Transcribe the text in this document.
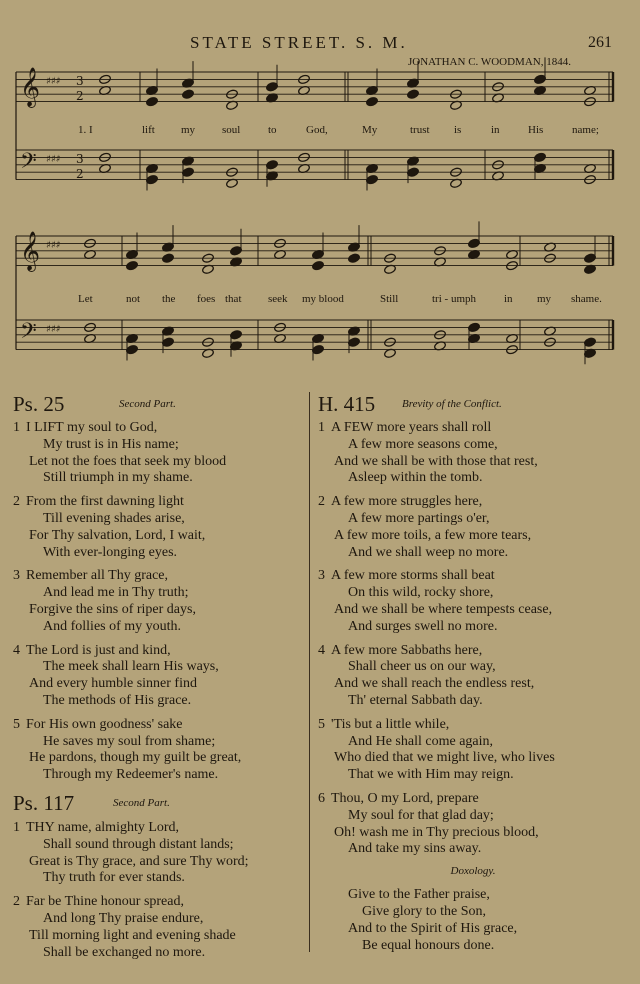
STATE STREET. S. M.	261
JONATHAN C. WOODMAN, 1844.
𝄞 ♯♯♯ 3
2
𝄢 ♯♯♯ 3
2
𝄞 ♯♯♯
𝄢 ♯♯♯
1. I	lift my soul	to	God,	My	trust is	in	His	name;
Let	not the foes that seek my blood	Still	tri - umph	in my shame.
Ps. 25	Second Part.
1 I LIFT my soul to God,
My trust is in His name;
Let not the foes that seek my blood
Still triumph in my shame.
2 From the first dawning light
Till evening shades arise,
For Thy salvation, Lord, I wait,
With ever-longing eyes.
3 Remember all Thy grace,
And lead me in Thy truth;
Forgive the sins of riper days,
And follies of my youth.
4 The Lord is just and kind,
The meek shall learn His ways,
And every humble sinner find
The methods of His grace.
5 For His own goodness' sake
He saves my soul from shame;
He pardons, though my guilt be great,
Through my Redeemer's name.
Ps. 117	Second Part.
1 THY name, almighty Lord,
Shall sound through distant lands;
Great is Thy grace, and sure Thy word;
Thy truth for ever stands.
2 Far be Thine honour spread,
And long Thy praise endure,
Till morning light and evening shade
Shall be exchanged no more.
H. 415 Brevity of the Conflict.
1 A FEW more years shall roll
A few more seasons come,
And we shall be with those that rest,
Asleep within the tomb.
2 A few more struggles here,
A few more partings o'er,
A few more toils, a few more tears,
And we shall weep no more.
3 A few more storms shall beat
On this wild, rocky shore,
And we shall be where tempests cease,
And surges swell no more.
4 A few more Sabbaths here,
Shall cheer us on our way,
And we shall reach the endless rest,
Th' eternal Sabbath day.
5 'Tis but a little while,
And He shall come again,
Who died that we might live, who lives
That we with Him may reign.
6 Thou, O my Lord, prepare
My soul for that glad day;
Oh! wash me in Thy precious blood,
And take my sins away.
Doxology.
Give to the Father praise,
Give glory to the Son,
And to the Spirit of His grace,
Be equal honours done.
